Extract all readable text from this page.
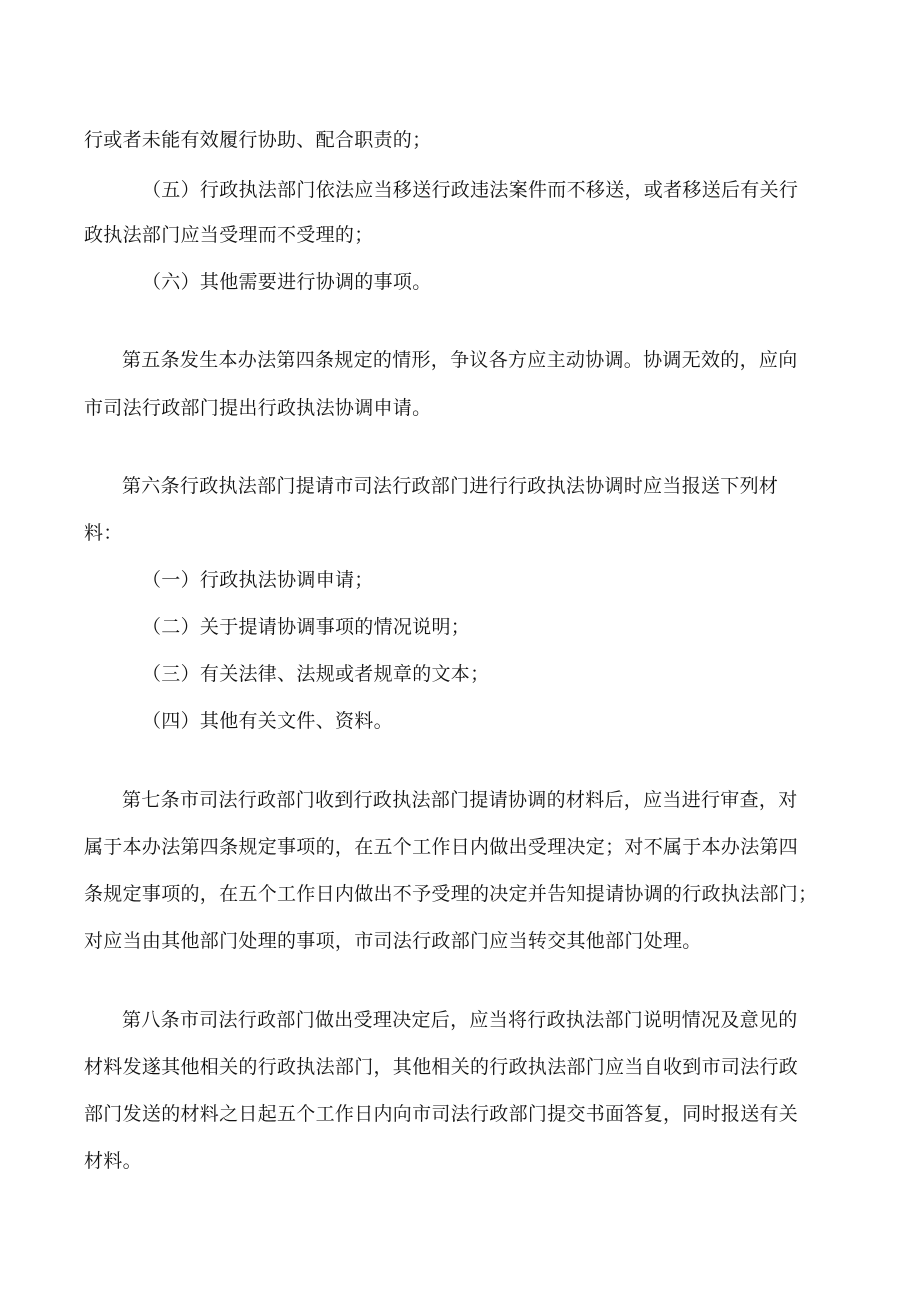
行或者未能有效履行协助、配合职责的；
（五）行政执法部门依法应当移送行政违法案件而不移送，或者移送后有关行
政执法部门应当受理而不受理的；
（六）其他需要进行协调的事项。
第五条发生本办法第四条规定的情形，争议各方应主动协调。协调无效的，应向
市司法行政部门提出行政执法协调申请。
第六条行政执法部门提请市司法行政部门进行行政执法协调时应当报送下列材
料：
（一）行政执法协调申请；
（二）关于提请协调事项的情况说明；
（三）有关法律、法规或者规章的文本；
（四）其他有关文件、资料。
第七条市司法行政部门收到行政执法部门提请协调的材料后，应当进行审查，对
属于本办法第四条规定事项的，在五个工作日内做出受理决定；对不属于本办法第四
条规定事项的，在五个工作日内做出不予受理的决定并告知提请协调的行政执法部门；
对应当由其他部门处理的事项，市司法行政部门应当转交其他部门处理。
第八条市司法行政部门做出受理决定后，应当将行政执法部门说明情况及意见的
材料发遂其他相关的行政执法部门，其他相关的行政执法部门应当自收到市司法行政
部门发送的材料之日起五个工作日内向市司法行政部门提交书面答复，同时报送有关
材料。
